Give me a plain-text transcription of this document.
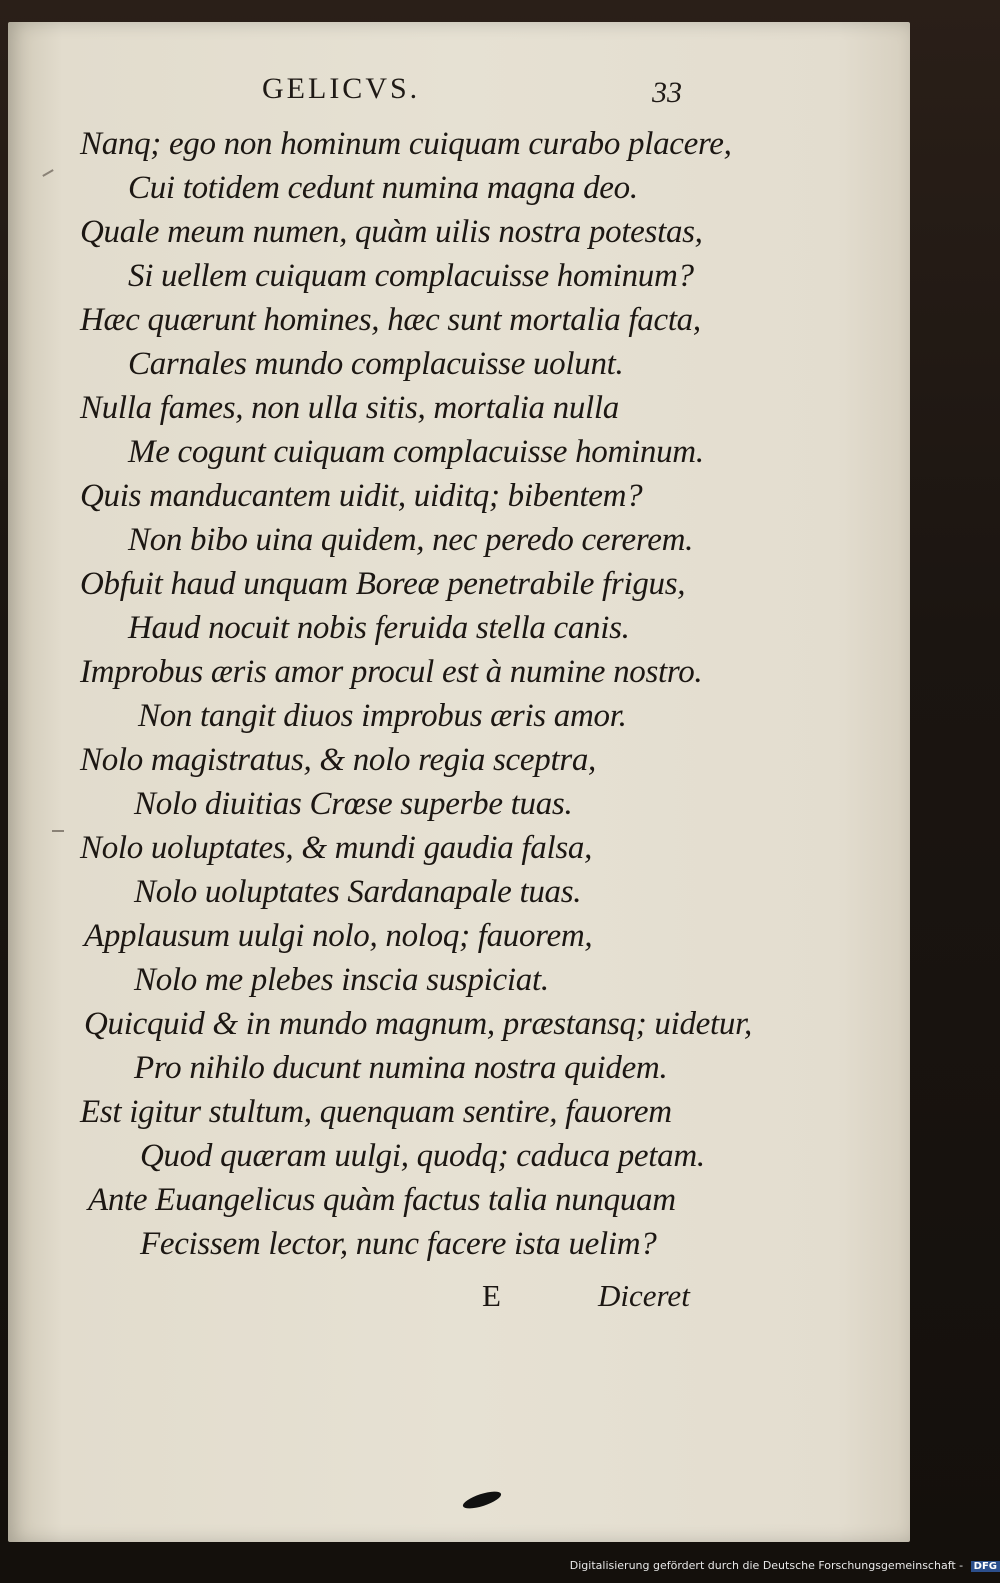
GELICVS.	33
Nanq; ego non hominum cuiquam curabo placere,
Cui totidem cedunt numina magna deo.
Quale meum numen, quàm uilis nostra potestas,
Si uellem cuiquam complacuisse hominum?
Hæc quærunt homines, hæc sunt mortalia facta,
Carnales mundo complacuisse uolunt.
Nulla fames, non ulla sitis, mortalia nulla
Me cogunt cuiquam complacuisse hominum.
Quis manducantem uidit, uiditq; bibentem?
Non bibo uina quidem, nec peredo cererem.
Obfuit haud unquam Boreæ penetrabile frigus,
Haud nocuit nobis feruida stella canis.
Improbus æris amor procul est à numine nostro.
Non tangit diuos improbus æris amor.
Nolo magistratus, & nolo regia sceptra,
Nolo diuitias Crœse superbe tuas.
Nolo uoluptates, & mundi gaudia falsa,
Nolo uoluptates Sardanapale tuas.
Applausum uulgi nolo, noloq; fauorem,
Nolo me plebes inscia suspiciat.
Quicquid & in mundo magnum, præstansq; uidetur,
Pro nihilo ducunt numina nostra quidem.
Est igitur stultum, quenquam sentire, fauorem
Quod quæram uulgi, quodq; caduca petam.
Ante Euangelicus quàm factus talia nunquam
Fecissem lector, nunc facere ista uelim?
E	Diceret
Digitalisierung gefördert durch die Deutsche Forschungsgemeinschaft - DFG
